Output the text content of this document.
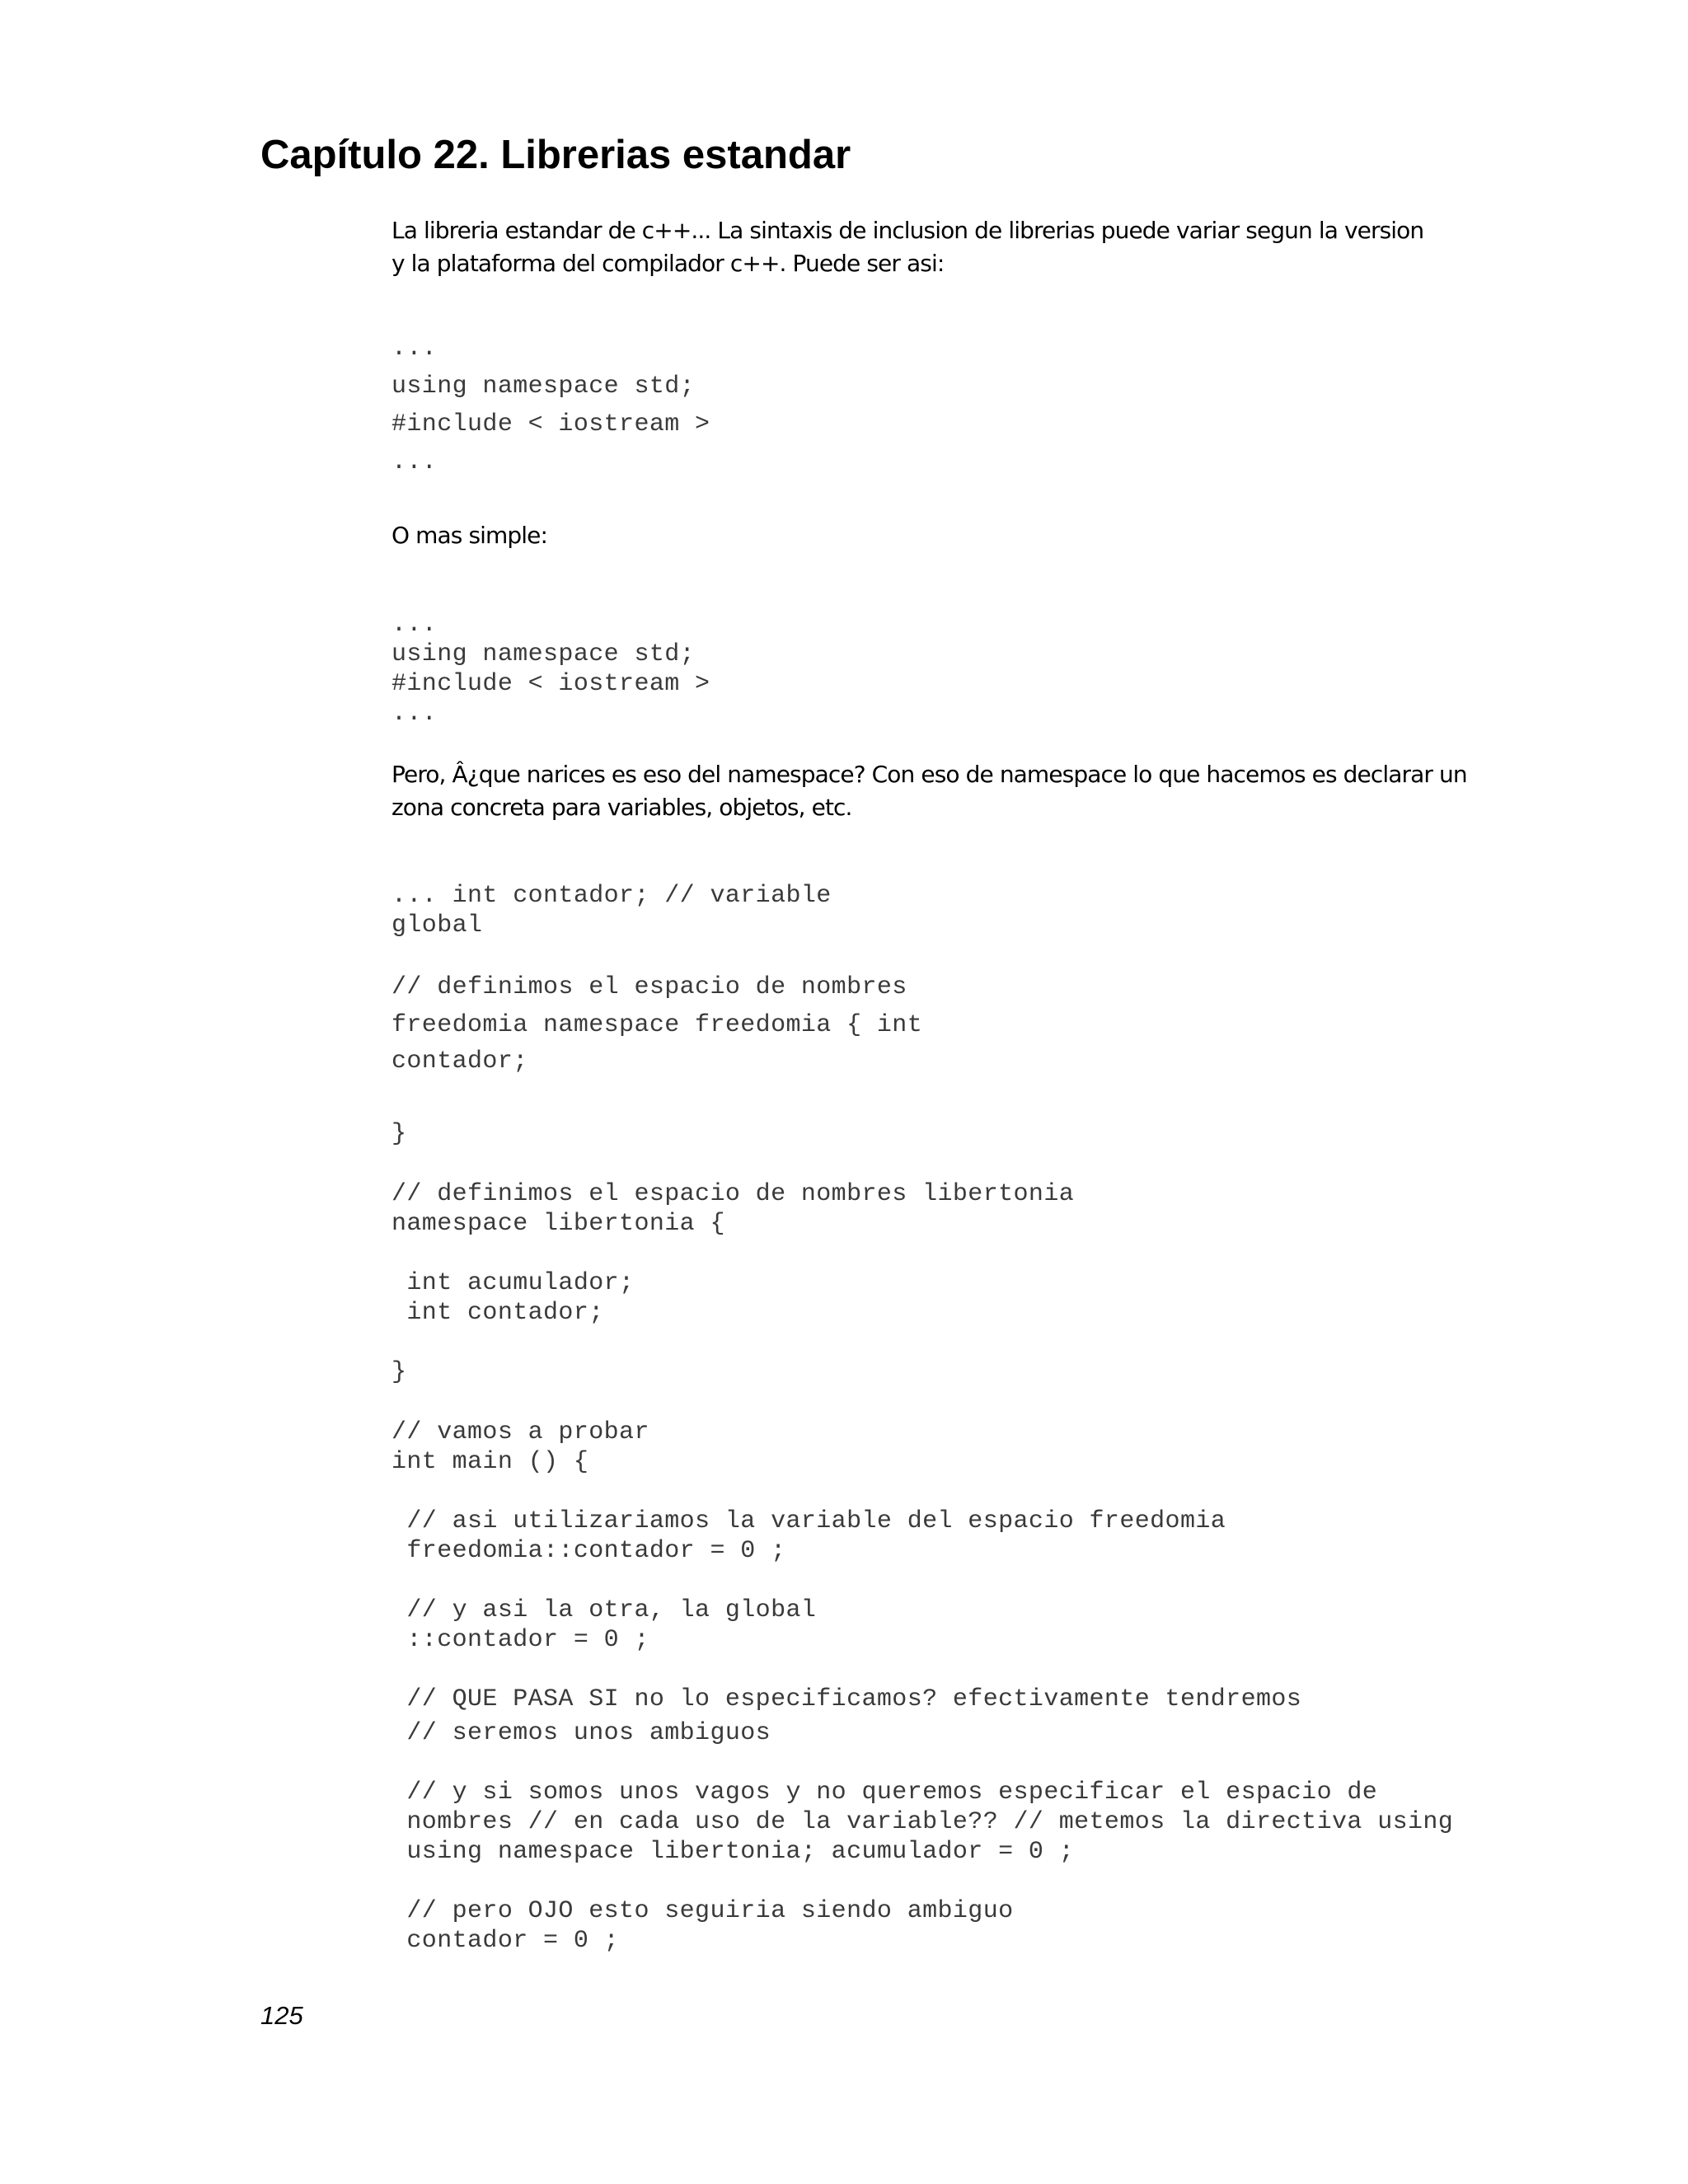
Capítulo 22. Librerias estandar
La libreria estandar de c++... La sintaxis de inclusion de librerias puede variar segun la version
y la plataforma del compilador c++. Puede ser asi:
...
using namespace std;
#include < iostream >
...
O mas simple:
...
using namespace std;
#include < iostream >
...
Pero, Â¿que narices es eso del namespace? Con eso de namespace lo que hacemos es declarar un
zona concreta para variables, objetos, etc.
... int contador; // variable
global
// definimos el espacio de nombres
freedomia namespace freedomia { int
contador;
}
// definimos el espacio de nombres libertonia
namespace libertonia {
int acumulador;
int contador;
}
// vamos a probar
int main () {
// asi utilizariamos la variable del espacio freedomia
freedomia::contador = 0 ;
// y asi la otra, la global
::contador = 0 ;
// QUE PASA SI no lo especificamos? efectivamente tendremos
// seremos unos ambiguos
// y si somos unos vagos y no queremos especificar el espacio de
nombres // en cada uso de la variable?? // metemos la directiva using
using namespace libertonia; acumulador = 0 ;
// pero OJO esto seguiria siendo ambiguo
contador = 0 ;
125
